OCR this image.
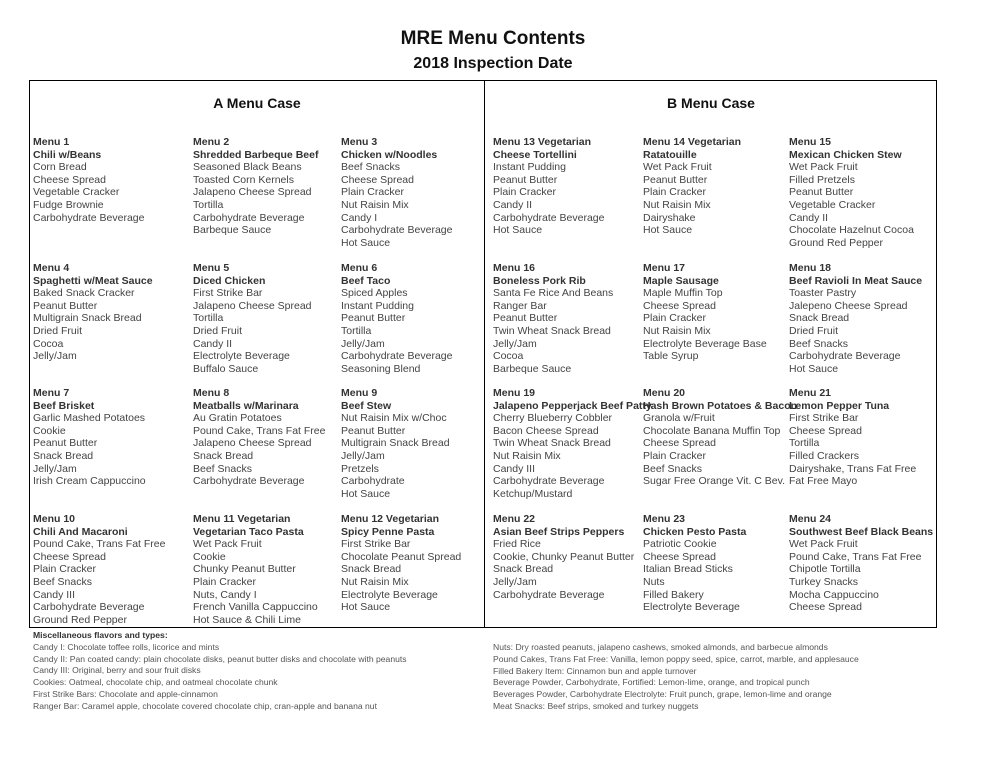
MRE Menu Contents
2018 Inspection Date
A Menu Case	B Menu Case
Menu 1
Chili w/Beans
Corn Bread
Cheese Spread
Vegetable Cracker
Fudge Brownie
Carbohydrate Beverage
Menu 2
Shredded Barbeque Beef
Seasoned Black Beans
Toasted Corn Kernels
Jalapeno Cheese Spread
Tortilla
Carbohydrate Beverage
Barbeque Sauce
Menu 3
Chicken w/Noodles
Beef Snacks
Cheese Spread
Plain Cracker
Nut Raisin Mix
Candy I
Carbohydrate Beverage
Hot Sauce
Menu 13 Vegetarian
Cheese Tortellini
Instant Pudding
Peanut Butter
Plain Cracker
Candy II
Carbohydrate Beverage
Hot Sauce
Menu 14 Vegetarian
Ratatouille
Wet Pack Fruit
Peanut Butter
Plain Cracker
Nut Raisin Mix
Dairyshake
Hot Sauce
Menu 15
Mexican Chicken Stew
Wet Pack Fruit
Filled Pretzels
Peanut Butter
Vegetable Cracker
Candy II
Chocolate Hazelnut Cocoa
Ground Red Pepper
Menu 4
Spaghetti w/Meat Sauce
Baked Snack Cracker
Peanut Butter
Multigrain Snack Bread
Dried Fruit
Cocoa
Jelly/Jam
Menu 5
Diced Chicken
First Strike Bar
Jalapeno Cheese Spread
Tortilla
Dried Fruit
Candy II
Electrolyte Beverage
Buffalo Sauce
Menu 6
Beef Taco
Spiced Apples
Instant Pudding
Peanut Butter
Tortilla
Jelly/Jam
Carbohydrate Beverage
Seasoning Blend
Menu 16
Boneless Pork Rib
Santa Fe Rice And Beans
Ranger Bar
Peanut Butter
Twin Wheat Snack Bread
Jelly/Jam
Cocoa
Barbeque Sauce
Menu 17
Maple Sausage
Maple Muffin Top
Cheese Spread
Plain Cracker
Nut Raisin Mix
Electrolyte Beverage Base
Table Syrup
Menu 18
Beef Ravioli In Meat Sauce
Toaster Pastry
Jalepeno Cheese Spread
Snack Bread
Dried Fruit
Beef Snacks
Carbohydrate Beverage
Hot Sauce
Menu 7
Beef Brisket
Garlic Mashed Potatoes
Cookie
Peanut Butter
Snack Bread
Jelly/Jam
Irish Cream Cappuccino
Menu 8
Meatballs w/Marinara
Au Gratin Potatoes
Pound Cake, Trans Fat Free
Jalapeno Cheese Spread
Snack Bread
Beef Snacks
Carbohydrate Beverage
Menu 9
Beef Stew
Nut Raisin Mix w/Choc
Peanut Butter
Multigrain Snack Bread
Jelly/Jam
Pretzels
Carbohydrate
Hot Sauce
Menu 19
Jalapeno Pepperjack Beef Patty
Cherry Blueberry Cobbler
Bacon Cheese Spread
Twin Wheat Snack Bread
Nut Raisin Mix
Candy III
Carbohydrate Beverage
Ketchup/Mustard
Menu 20
Hash Brown Potatoes & Bacon
Granola w/Fruit
Chocolate Banana Muffin Top
Cheese Spread
Plain Cracker
Beef Snacks
Sugar Free Orange Vit. C Bev.
Menu 21
Lemon Pepper Tuna
First Strike Bar
Cheese Spread
Tortilla
Filled Crackers
Dairyshake, Trans Fat Free
Fat Free Mayo
Menu 10
Chili And Macaroni
Pound Cake, Trans Fat Free
Cheese Spread
Plain Cracker
Beef Snacks
Candy III
Carbohydrate Beverage
Ground Red Pepper
Menu 11 Vegetarian
Vegetarian Taco Pasta
Wet Pack Fruit
Cookie
Chunky Peanut Butter
Plain Cracker
Nuts, Candy I
French Vanilla Cappuccino
Hot Sauce & Chili Lime
Menu 12 Vegetarian
Spicy Penne Pasta
First Strike Bar
Chocolate Peanut Spread
Snack Bread
Nut Raisin Mix
Electrolyte Beverage
Hot Sauce
Menu 22
Asian Beef Strips Peppers
Fried Rice
Cookie, Chunky Peanut Butter
Snack Bread
Jelly/Jam
Carbohydrate Beverage
Menu 23
Chicken Pesto Pasta
Patriotic Cookie
Cheese Spread
Italian Bread Sticks
Nuts
Filled Bakery
Electrolyte Beverage
Menu 24
Southwest Beef Black Beans
Wet Pack Fruit
Pound Cake, Trans Fat Free
Chipotle Tortilla
Turkey Snacks
Mocha Cappuccino
Cheese Spread
Miscellaneous flavors and types:
Candy I: Chocolate toffee rolls, licorice and mints
Candy II: Pan coated candy: plain chocolate disks, peanut butter disks and chocolate with peanuts
Candy III: Original, berry and sour fruit disks
Cookies: Oatmeal, chocolate chip, and oatmeal chocolate chunk
First Strike Bars: Chocolate and apple-cinnamon
Ranger Bar: Caramel apple, chocolate covered chocolate chip, cran-apple and banana nut
Nuts: Dry roasted peanuts, jalapeno cashews, smoked almonds, and barbecue almonds
Pound Cakes, Trans Fat Free: Vanilla, lemon poppy seed, spice, carrot, marble, and applesauce
Filled Bakery Item: Cinnamon bun and apple turnover
Beverage Powder, Carbohydrate, Fortified: Lemon-lime, orange, and tropical punch
Beverages Powder, Carbohydrate Electrolyte: Fruit punch, grape, lemon-lime and orange
Meat Snacks: Beef strips, smoked and turkey nuggets
